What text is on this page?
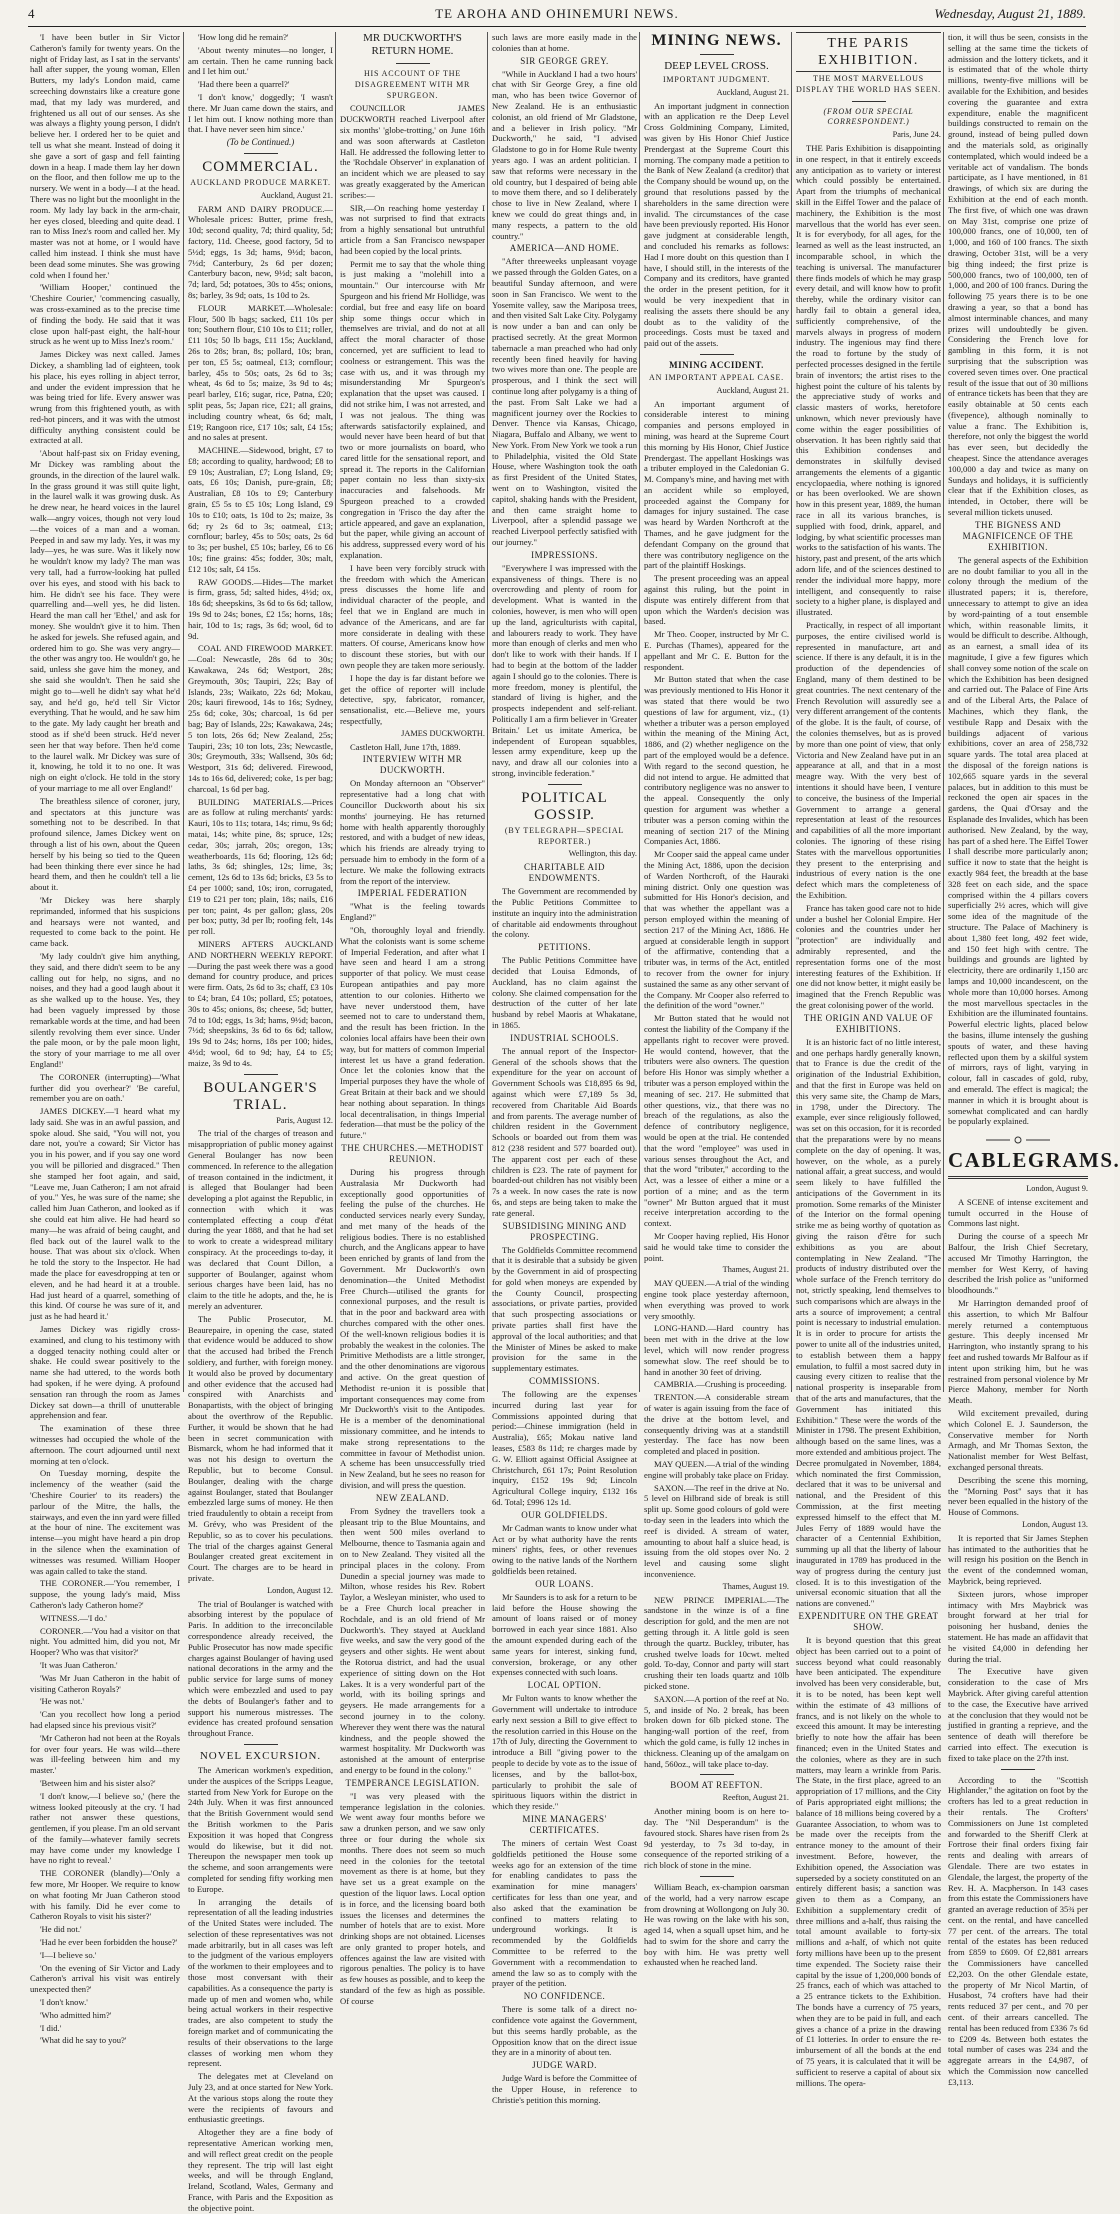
4	TE AROHA AND OHINEMURI NEWS.	Wednesday, August 21, 1889.

'I have been butler in Sir Victor Catheron's family for twenty years. On the night of Friday last, as I sat in the servants' hall after supper, the young woman, Ellen Butters, my lady's London maid, came screeching downstairs like a creature gone mad, that my lady was murdered, and frightened us all out of our senses. As she was always a flighty young person, I didn't believe her. I ordered her to be quiet and tell us what she meant. Instead of doing it she gave a sort of gasp and fell fainting down in a heap. I made them lay her down on the floor, and then follow me up to the nursery. We went in a body—I at the head. There was no light but the moonlight in the room. My lady lay back in the arm-chair, her eyes closed, bleeding and quite dead. I ran to Miss Inez's room and called her. My master was not at home, or I would have called him instead. I think she must have been dead some minutes. She was growing cold when I found her.'

'William Hooper,' continued the 'Cheshire Courier,' 'commencing casually, was cross-examined as to the precise time of finding the body. He said that it was close upon half-past eight, the half-hour struck as he went up to Miss Inez's room.'

James Dickey was next called. James Dickey, a shambling lad of eighteen, took his place, his eyes rolling in abject terror, and under the evident impression that he was being tried for life. Every answer was wrung from this frightened youth, as with red-hot pincers, and it was with the utmost difficulty anything consistent could be extracted at all.

'About half-past six on Friday evening, Mr Dickey was rambling about the grounds, in the direction of the laurel walk. In the grass ground it was still quite light, in the laurel walk it was growing dusk. As he drew near, he heard voices in the laurel walk—angry voices, though not very loud—the voices of a man and a woman. Peeped in and saw my lady. Yes, it was my lady—yes, he was sure. Was it likely now he wouldn't know my lady? The man was very tall, had a furrow-looking hat pulled over his eyes, and stood with his back to him. He didn't see his face. They were quarrelling and—well yes, he did listen. Heard the man call her 'Ethel,' and ask for money. She wouldn't give it to him. Then he asked for jewels. She refused again, and ordered him to go. She was very angry—the other was angry too. He wouldn't go, he said, unless she gave him the money, and she said she wouldn't. Then he said she might go to—well he didn't say what he'd say, and he'd go, he'd tell Sir Victor everything. That he would, and he saw him to the gate. My lady caught her breath and stood as if she'd been struck. He'd never seen her that way before. Then he'd come to the laurel walk. Mr Dickey was sure of it, knowing, he told it to no one. It was nigh on eight o'clock. He told in the story of your marriage to me all over England!'

The breathless silence of coroner, jury, and spectators at this juncture was something not to be described. In that profound silence, James Dickey went on through a list of his own, about the Queen herself by his being so tied to the Queen had been thinking there ever since he had heard them, and then he couldn't tell a lie about it.

'Mr Dickey was here sharply reprimanded, informed that his suspicions and hearsays were not wanted, and requested to come back to the point. He came back.

'My lady couldn't give him anything, they said, and there didn't seem to be any calling out for help, no signs, and no noises, and they had a good laugh about it as she walked up to the house. Yes, they had been vaguely impressed by those remarkable words at the time, and had been silently revolving them ever since. Under the pale moon, or by the pale moon light, the story of your marriage to me all over England!'

The CORONER (interrupting)—'What further did you overhear?' 'Be careful, remember you are on oath.'

JAMES DICKEY.—'I heard what my lady said. She was in an awful passion, and spoke aloud. She said, "You will not, you dare not, you're a coward; Sir Victor has you in his power, and if you say one word you will be pilloried and disgraced." Then she stamped her foot again, and said, "Leave me, Juan Catheron; I am not afraid of you." Yes, he was sure of the name; she called him Juan Catheron, and looked as if she could eat him alive. He had heard so many—he was afraid of being caught, and fled back out of the laurel walk to the house. That was about six o'clock. When he told the story to the Inspector. He had made the place for eavesdropping at ten or eleven, and he had heard it at a trouble. Had just heard of a quarrel, something of this kind. Of course he was sure of it, and just as he had heard it.'

James Dickey was rigidly cross-examined, and clung to his testimony with a dogged tenacity nothing could alter or shake. He could swear positively to the name she had uttered, to the words both had spoken, if he were dying. A profound sensation ran through the room as James Dickey sat down—a thrill of unutterable apprehension and fear.

The examination of these three witnesses had occupied the whole of the afternoon. The court adjourned until next morning at ten o'clock.

On Tuesday morning, despite the inclemency of the weather (said the 'Cheshire Courier' to its readers) the parlour of the Mitre, the halls, the stairways, and even the inn yard were filled at the hour of nine. The excitement was intense—you might have heard a pin drop in the silence when the examination of witnesses was resumed. William Hooper was again called to take the stand.

THE CORONER.—'You remember, I suppose, the young lady's maid, Miss Catheron's lady Catheron home?'

WITNESS.—'I do.'

CORONER.—'You had a visitor on that night. You admitted him, did you not, Mr Hooper? Who was that visitor?'

'It was Juan Catheron.'

'Was Mr Juan Catheron in the habit of visiting Catheron Royals?'

'He was not.'

'Can you recollect how long a period had elapsed since his previous visit?'

'Mr Catheron had not been at the Royals for over four years. He was wild—there was ill-feeling between him and my master.'

'Between him and his sister also?'

'I don't know,—I believe so,' (here the witness looked piteously at the cry. 'I had rather not answer these questions, gentlemen, if you please. I'm an old servant of the family—whatever family secrets may have come under my knowledge I have no right to reveal.'

THE CORONER (blandly)—'Only a few more, Mr Hooper. We require to know on what footing Mr Juan Catheron stood with his family. Did he ever come to Catheron Royals to visit his sister?'

'He did not.'

'Had he ever been forbidden the house?'

'I—I believe so.'

'On the evening of Sir Victor and Lady Catheron's arrival his visit was entirely unexpected then?'

'I don't know.'

'Who admitted him?'

'I did.'

'What did he say to you?'

'How long did he remain?'

'About twenty minutes—no longer, I am certain. Then he came running back and I let him out.'

'Had there been a quarrel?'

'I don't know,' doggedly; 'I wasn't there. Mr Juan came down the stairs, and I let him out. I know nothing more than that. I have never seen him since.'

(To be Continued.)

COMMERCIAL.

AUCKLAND PRODUCE MARKET.

Auckland, August 21.

FARM AND DAIRY PRODUCE.—Wholesale prices: Butter, prime fresh, 10d; second quality, 7d; third quality, 5d; factory, 11d. Cheese, good factory, 5d to 5½d; eggs, 1s 3d; hams, 9½d; bacon, 7½d; Canterbury, 2s 6d per dozen; Canterbury bacon, new, 9½d; salt bacon, 7d; lard, 5d; potatoes, 30s to 45s; onions, 8s; barley, 3s 9d; oats, 1s 10d to 2s.

FLOUR MARKET.—Wholesale: Flour, 500 lb bags; sacked, £11 10s per ton; Southern flour, £10 10s to £11; roller, £11 10s; 50 lb bags, £11 15s; Auckland, 26s to 28s; bran, 8s; pollard, 10s; bran, per ton, £5 5s; oatmeal, £13; cornflour; barley, 45s to 50s; oats, 2s 6d to 3s; wheat, 4s 6d to 5s; maize, 3s 9d to 4s; pearl barley, £16; sugar, rice, Patna, £20; split peas, 5s; Japan rice, £21; all grains, including country wheat, 6s 6d; malt, £19; Rangoon rice, £17 10s; salt, £4 15s; and no sales at present.

MACHINE.—Sidewood, bright, £7 to £8; according to quality, hardwood; £8 to £9 10s; Australian, £7; Long Island, £9; oats, £6 10s; Danish, pure-grain, £8; Australian, £8 10s to £9; Canterbury grain, £5 5s to £5 10s; Long Island, £9 10s to £10; oats, 1s 10d to 2s; maize, 3s 6d; ry 2s 6d to 3s; oatmeal, £13; cornflour; barley, 45s to 50s; oats, 2s 6d to 3s; per bushel, £5 10s; barley, £6 to £6 10s; fine grains: 45s; fodder, 30s; malt, £12 10s; salt, £4 15s.

RAW GOODS.—Hides—The market is firm, grass, 5d; salted hides, 4½d; ox, 18s 6d; sheepskins, 3s 6d to 6s 6d; tallow, 19s 9d to 24s; bones, £2 15s; horns, 18s; hair, 10d to 1s; rags, 3s 6d; wool, 6d to 9d.

COAL AND FIREWOOD MARKET.—Coal: Newcastle, 28s 6d to 30s; Kawakawa, 24s 6d; Westport, 28s; Greymouth, 30s; Taupiri, 22s; Bay of Islands, 23s; Waikato, 22s 6d; Mokau, 20s; kauri firewood, 14s to 16s; Sydney, 25s 6d; coke, 30s; charcoal, 1s 6d per bag; Bay of Islands, 22s; Kawakawa, 24s; 5 ton lots, 26s 6d; New Zealand, 25s; Taupiri, 23s; 10 ton lots, 23s; Newcastle, 30s; Greymouth, 33s; Wallsend, 30s 6d; Westport, 31s 6d; delivered. Firewood, 14s to 16s 6d, delivered; coke, 1s per bag; charcoal, 1s 6d per bag.

BUILDING MATERIALS.—Prices are as follow at ruling merchants' yards: Kauri, 10s to 11s; totara, 14s; rimu, 9s 6d; matai, 14s; white pine, 8s; spruce, 12s; cedar, 30s; jarrah, 20s; oregon, 13s; weatherboards, 11s 6d; flooring, 12s 6d; laths, 3s 6d; shingles, 12s; lime, 3s; cement, 12s 6d to 13s 6d; bricks, £3 5s to £4 per 1000; sand, 10s; iron, corrugated, £19 to £21 per ton; plain, 18s; nails, £16 per ton; paint, 4s per gallon; glass, 20s per box; putty, 3d per lb; roofing felt, 14s per roll.

MINERS AFTERS AUCKLAND AND NORTHERN WEEKLY REPORT.—During the past week there was a good demand for country produce, and prices were firm. Oats, 2s 6d to 3s; chaff, £3 10s to £4; bran, £4 10s; pollard, £5; potatoes, 30s to 45s; onions, 8s; cheese, 5d; butter, 7d to 10d; eggs, 1s 3d; hams, 9½d; bacon, 7½d; sheepskins, 3s 6d to 6s 6d; tallow, 19s 9d to 24s; horns, 18s per 100; hides, 4½d; wool, 6d to 9d; hay, £4 to £5; maize, 3s 9d to 4s.

BOULANGER'S TRIAL.

Paris, August 12.

The trial of the charges of treason and misappropriation of public money against General Boulanger has now been commenced. In reference to the allegation of treason contained in the indictment, it is alleged that Boulanger had been developing a plot against the Republic, in connection with which it was contemplated effecting a coup d'état during the year 1888, and that he had set to work to create a widespread military conspiracy. At the proceedings to-day, it was declared that Count Dillon, a supporter of Boulanger, against whom serious charges have been laid, has no claim to the title he adopts, and the, he is merely an adventurer.

The Public Prosecutor, M. Beaurepaire, in opening the case, stated that evidence would be adduced to show that the accused had bribed the French soldiery, and further, with foreign money. It would also be proved by documentary and other evidence that the accused had conspired with Anarchists and Bonapartists, with the object of bringing about the overthrow of the Republic. Further, it would be shown that he had been in secret communication with Bismarck, whom he had informed that it was not his design to overturn the Republic, but to become Consul. Boulanger, dealing with the charge against Boulanger, stated that Boulanger embezzled large sums of money. He then tried fraudulently to obtain a receipt from M. Grévy, who was President of the Republic, so as to cover his peculations. The trial of the charges against General Boulanger created great excitement in Court. The charges are to be heard in private.

London, August 12.

The trial of Boulanger is watched with absorbing interest by the populace of Paris. In addition to the irreconcilable correspondence already received, the Public Prosecutor has now made specific charges against Boulanger of having used national decorations in the army and the public service for large sums of money which were embezzled and used to pay the debts of Boulanger's father and to support his numerous mistresses. The evidence has created profound sensation throughout France.

NOVEL EXCURSION.

The American workmen's expedition, under the auspices of the Scripps League, started from New York for Europe on the 24th July. When it was first announced that the British Government would send the British workmen to the Paris Exposition it was hoped that Congress would do likewise, but it did not. Thereupon the newspaper men took up the scheme, and soon arrangements were completed for sending fifty working men to Europe.

In arranging the details of representation of all the leading industries of the United States were included. The selection of these representatives was not made arbitrarily, but in all cases was left to the judgment of the various employers of the workmen to their employees and to those most conversant with their capabilities. As a consequence the party is made up of men and women who, while being actual workers in their respective trades, are also competent to study the foreign market and of communicating the results of their observations to the large classes of working men whom they represent.

The delegates met at Cleveland on July 23, and at once started for New York. At the various stops along the route they were the recipients of favours and enthusiastic greetings.

Altogether they are a fine body of representative American working men, and will reflect great credit on the people they represent. The trip will last eight weeks, and will be through England, Ireland, Scotland, Wales, Germany and France, with Paris and the Exposition as the objective point.

MR DUCKWORTH'S RETURN HOME.

HIS ACCOUNT OF THE DISAGREEMENT WITH MR SPURGEON.

COUNCILLOR JAMES DUCKWORTH reached Liverpool after six months' 'globe-trotting,' on June 16th and was soon afterwards at Castleton Hall. He addressed the following letter to the 'Rochdale Observer' in explanation of an incident which we are pleased to say was greatly exaggerated by the American scribes:—

SIR,—On reaching home yesterday I was not surprised to find that extracts from a highly sensational but untruthful article from a San Francisco newspaper had been copied by the local prints.

Permit me to say that the whole thing is just making a "molehill into a mountain." Our intercourse with Mr Spurgeon and his friend Mr Hollidge, was cordial, but free and easy life on board ship some things occur which in themselves are trivial, and do not at all affect the moral character of those concerned, yet are sufficient to lead to coolness or estrangement. This was the case with us, and it was through my misunderstanding Mr Spurgeon's explanation that the upset was caused. I did not strike him, I was not arrested, and I was not jealous. The thing was afterwards satisfactorily explained, and would never have been heard of but that two or more journalists on board, who cared little for the sensational report, and spread it. The reports in the Californian paper contain no less than sixty-six inaccuracies and falsehoods. Mr Spurgeon preached to a crowded congregation in 'Frisco the day after the article appeared, and gave an explanation, but the paper, while giving an account of his address, suppressed every word of his explanation.

I have been very forcibly struck with the freedom with which the American press discusses the home life and individual character of the people, and feel that we in England are much in advance of the Americans, and are far more considerate in dealing with these matters. Of course, Americans know how to discount these stories, but with our own people they are taken more seriously.

I hope the day is far distant before we get the office of reporter will include detective, spy, fabricator, romancer, sensationalist, etc.—Believe me, yours respectfully,

JAMES DUCKWORTH.

Castleton Hall, June 17th, 1889.

INTERVIEW WITH MR DUCKWORTH.

On Monday afternoon an "Observer" representative had a long chat with Councillor Duckworth about his six months' journeying. He has returned home with health apparently thoroughly restored, and with a budget of new ideas, which his friends are already trying to persuade him to embody in the form of a lecture. We make the following extracts from the report of the interview.

IMPERIAL FEDERATION

"What is the feeling towards England?"

"Oh, thoroughly loyal and friendly. What the colonists want is some scheme of Imperial Federation, and after what I have seen and heard I am a strong supporter of that policy. We must cease European antipathies and pay more attention to our colonies. Hitherto we have never understood them, have seemed not to care to understand them, and the result has been friction. In the colonies local affairs have been their own way, but for matters of common Imperial interest let us have a grand federation. Once let the colonies know that the Imperial purposes they have the whole of Great Britain at their back and we should hear nothing about separation. In things local decentralisation, in things Imperial federation—that must be the policy of the future."

THE CHURCHES.—METHODIST REUNION.

During his progress through Australasia Mr Duckworth had exceptionally good opportunities of feeling the pulse of the churches. He conducted services nearly every Sunday, and met many of the heads of the religious bodies. There is no established church, and the Anglicans appear to have been enriched by grants of land from the Government. Mr Duckworth's own denomination—the United Methodist Free Church—utilised the grants for connexional purposes, and the result is that in the poor and backward area with churches compared with the other ones. Of the well-known religious bodies it is probably the weakest in the colonies. The Primitive Methodists are a little stronger, and the other denominations are vigorous and active. On the great question of Methodist re-union it is possible that important consequences may come from Mr Duckworth's visit to the Antipodes. He is a member of the denominational missionary committee, and he intends to make strong representations to the committee in favour of Methodist union. A scheme has been unsuccessfully tried in New Zealand, but he sees no reason for division, and will press the question.

NEW ZEALAND.

From Sydney the travellers took a pleasant trip to the Blue Mountains, and then went 500 miles overland to Melbourne, thence to Tasmania again and on to New Zealand. They visited all the principal places in the colony. From Dunedin a special journey was made to Milton, whose resides his Rev. Robert Taylor, a Wesleyan minister, who used to be a Free Church local preacher in Rochdale, and is an old friend of Mr Duckworth's. They stayed at Auckland five weeks, and saw the very good of the geysers and other sights. He went about the Rotorua district, and had the usual experience of sitting down on the Hot Lakes. It is a very wonderful part of the world, with its boiling springs and geysers. He made arrangements for a second journey in to the colony. Wherever they went there was the natural kindness, and the people showed the warmest hospitality. Mr Duckworth was astonished at the amount of enterprise and energy to be found in the colony."

TEMPERANCE LEGISLATION.

"I was very pleased with the temperance legislation in the colonies. We went away four months before we saw a drunken person, and we saw only three or four during the whole six months. There does not seem so much need in the colonies for the teetotal movement as there is at home, but they have set us a great example on the question of the liquor laws. Local option is in force, and the licensing board both issues the licenses and determines the number of hotels that are to exist. More drinking shops are not obtained. Licenses are only granted to proper hotels, and offences against the law are visited with rigorous penalties. The policy is to have as few houses as possible, and to keep the standard of the few as high as possible. Of course

such laws are more easily made in the colonies than at home.

SIR GEORGE GREY.

"While in Auckland I had a two hours' chat with Sir George Grey, a fine old man, who has been twice Governor of New Zealand. He is an enthusiastic colonist, an old friend of Mr Gladstone, and a believer in Irish policy. "Mr Duckworth," he said, "I advised Gladstone to go in for Home Rule twenty years ago. I was an ardent politician. I saw that reforms were necessary in the old country, but I despaired of being able to move them there, and so I deliberately chose to live in New Zealand, where I knew we could do great things and, in many respects, a pattern to the old country."

AMERICA—AND HOME.

"After threeweeks unpleasant voyage we passed through the Golden Gates, on a beautiful Sunday afternoon, and were soon in San Francisco. We went to the Yosemite valley, saw the Mariposa trees, and then visited Salt Lake City. Polygamy is now under a ban and can only be practised secretly. At the great Mormon tabernacle a man preached who had only recently been fined heavily for having two wives more than one. The people are prosperous, and I think the sect will continue long after polygamy is a thing of the past. From Salt Lake we had a magnificent journey over the Rockies to Denver. Thence via Kansas, Chicago, Niagara, Buffalo and Albany, we went to New York. From New York we took a run to Philadelphia, visited the Old State House, where Washington took the oath as first President of the United States, went on to Washington, visited the capitol, shaking hands with the President, and then came straight home to Liverpool, after a splendid passage we reached Liverpool perfectly satisfied with our journey."

IMPRESSIONS.

"Everywhere I was impressed with the expansiveness of things. There is no overcrowding and plenty of room for development. What is wanted in the colonies, however, is men who will open up the land, agriculturists with capital, and labourers ready to work. They have more than enough of clerks and men who don't like to work with their hands. If I had to begin at the bottom of the ladder again I should go to the colonies. There is more freedom, money is plentiful, the standard of living is higher, and the prospects independent and self-reliant. Politically I am a firm believer in 'Greater Britain.' Let us imitate America, be independent of European squabbles, lessen army expenditure, keep up the navy, and draw all our colonies into a strong, invincible federation."

POLITICAL GOSSIP.

(BY TELEGRAPH—SPECIAL REPORTER.)

Wellington, this day.

CHARITABLE AID ENDOWMENTS.

The Government are recommended by the Public Petitions Committee to institute an inquiry into the administration of charitable aid endowments throughout the colony.

PETITIONS.

The Public Petitions Committee have decided that Louisa Edmonds, of Auckland, has no claim against the colony. She claimed compensation for the destruction of the cutter of her late husband by rebel Maoris at Whakatane, in 1865.

INDUSTRIAL SCHOOLS.

The annual report of the Inspector-General of the schools shows that the expenditure for the year on account of Government Schools was £18,895 6s 9d, against which were £7,189 5s 3d, recovered from Charitable Aid Boards and from parents. The average number of children resident in the Government Schools or boarded out from them was 812 (238 resident and 577 boarded out). The apparent cost per each of these children is £23. The rate of payment for boarded-out children has not visibly been 7s a week. In now cases the rate is now 6s, and steps are being taken to make the rate general.

SUBSIDISING MINING AND PROSPECTING.

The Goldfields Committee recommend that it is desirable that a subsidy be given by the Government in aid of prospecting for gold when moneys are expended by the County Council, prospecting associations, or private parties, provided that such prospecting associations or private parties shall first have the approval of the local authorities; and that the Minister of Mines be asked to make provision for the same in the supplementary estimates.

COMMISSIONS.

The following are the expenses incurred during last year for Commissions appointed during that period:—Chinese immigration (held in Australia), £65; Mokau native land leases, £583 8s 11d; re charges made by G. W. Elliott against Official Assignee at Christchurch, £61 17s; Point Resolution inquiry, £152 19s 9d; Lincoln Agricultural College inquiry, £132 16s 6d. Total; £996 12s 1d.

OUR GOLDFIELDS.

Mr Cadman wants to know under what Act or by what authority have the rents miners' rights, fees, or other revenues owing to the native lands of the Northern goldfields been retained.

OUR LOANS.

Mr Saunders is to ask for a return to be laid before the House showing the amount of loans raised or of money borrowed in each year since 1881. Also the amount expended during each of the same years for interest, sinking fund, conversion, brokerage, or any other expenses connected with such loans.

LOCAL OPTION.

Mr Fulton wants to know whether the Government will undertake to introduce early next session a Bill to give effect to the resolution carried in this House on the 17th of July, directing the Government to introduce a Bill "giving power to the people to decide by vote as to the issue of licenses, and by the ballot-box, particularly to prohibit the sale of spirituous liquors within the district in which they reside."

MINE MANAGERS' CERTIFICATES.

The miners of certain West Coast goldfields petitioned the House some weeks ago for an extension of the time for enabling candidates to pass the examination for mine managers' certificates for less than one year, and also asked that the examination be confined to matters relating to underground workings. It is recommended by the Goldfields Committee to be referred to the Government with a recommendation to amend the law so as to comply with the prayer of the petition.

NO CONFIDENCE.

There is some talk of a direct no-confidence vote against the Government, but this seems hardly probable, as the Opposition know that on the direct issue they are in a minority of about ten.

JUDGE WARD.

Judge Ward is before the Committee of the Upper House, in reference to Christie's petition this morning.

MINING NEWS.

DEEP LEVEL CROSS.

IMPORTANT JUDGMENT.

Auckland, August 21.

An important judgment in connection with an application re the Deep Level Cross Goldmining Company, Limited, was given by His Honor Chief Justice Prendergast at the Supreme Court this morning. The company made a petition to the Bank of New Zealand (a creditor) that the Company should be wound up, on the ground that resolutions passed by the shareholders in the same direction were invalid. The circumstances of the case have been previously reported. His Honor gave judgment at considerable length, and concluded his remarks as follows: Had I more doubt on this question than I have, I should still, in the interests of the Company and its creditors, have granted the order in the present petition, for it would be very inexpedient that in realising the assets there should be any doubt as to the validity of the proceedings. Costs must be taxed and paid out of the assets.

MINING ACCIDENT.

AN IMPORTANT APPEAL CASE.

Auckland, August 21.

An important argument of considerable interest to mining companies and persons employed in mining, was heard at the Supreme Court this morning by His Honor, Chief Justice Prendergast. The appellant Hoskings was a tributer employed in the Caledonian G. M. Company's mine, and having met with an accident while so employed, proceeded against the Company for damages for injury sustained. The case was heard by Warden Northcroft at the Thames, and he gave judgment for the defendant Company on the ground that there was contributory negligence on the part of the plaintiff Hoskings.

The present proceeding was an appeal against this ruling, but the point in dispute was entirely different from that upon which the Warden's decision was based.

Mr Theo. Cooper, instructed by Mr C. E. Purchas (Thames), appeared for the appellant and Mr C. E. Button for the respondent.

Mr Button stated that when the case was previously mentioned to His Honor it was stated that there would be two questions of law for argument, viz., (1) whether a tributer was a person employed within the meaning of the Mining Act, 1886, and (2) whether negligence on the part of the employed would be a defence. With regard to the second question, he did not intend to argue. He admitted that contributory negligence was no answer to the appeal. Consequently the only question for argument was whether a tributer was a person coming within the meaning of section 217 of the Mining Companies Act, 1886.

Mr Cooper said the appeal came under the Mining Act, 1886, upon the decision of Warden Northcroft, of the Hauraki mining district. Only one question was submitted for His Honor's decision, and that was whether the appellant was a person employed within the meaning of section 217 of the Mining Act, 1886. He argued at considerable length in support of the affirmative, contending that a tributer was, in terms of the Act, entitled to recover from the owner for injury sustained the same as any other servant of the Company. Mr Cooper also referred to the definition of the word "owner."

Mr Button stated that he would not contest the liability of the Company if the appellants right to recover were proved. He would contend, however, that the tributers were also owners. The question before His Honor was simply whether a tributer was a person employed within the meaning of sec. 217. He submitted that other questions, viz., that there was no breach of the regulations, as also the defence of contributory negligence, would be open at the trial. He contended that the word "employee" was used in various senses throughout the Act, and that the word "tributer," according to the Act, was a lessee of either a mine or a portion of a mine; and as the term "owner" Mr Button argued that it must receive interpretation according to the context.

Mr Cooper having replied, His Honor said he would take time to consider the point.

Thames, August 21.

MAY QUEEN.—A trial of the winding engine took place yesterday afternoon, when everything was proved to work very smoothly.

LONG-HAND.—Hard country has been met with in the drive at the low level, which will now render progress somewhat slow. The reef should be to hand in another 30 feet of driving.

CAMBRIA.—Crushing is proceeding.

TRENTON.—A considerable stream of water is again issuing from the face of the drive at the bottom level, and consequently driving was at a standstill yesterday. The face has now been completed and placed in position.

MAY QUEEN.—A trial of the winding engine will probably take place on Friday.

SAXON.—The reef in the drive at No. 5 level on Hilbrand side of break is still split up. Some good colours of gold were to-day seen in the leaders into which the reef is divided. A stream of water, amounting to about half a sluice head, is issuing from the old stopes over No. 2 level and causing some slight inconvenience.

Thames, August 19.

NEW PRINCE IMPERIAL.—The sandstone in the winze is of a fine description for gold, and the men are not getting through it. A little gold is seen through the quartz. Buckley, tributer, has crushed twelve loads for 10cwt. melted gold. To-day, Connor and party will start crushing their ten loads quartz and 10lb picked stone.

SAXON.—A portion of the reef at No. 5, and inside of No. 2 break, has been broken down for 6lb picked stone. The hanging-wall portion of the reef, from which the gold came, is fully 12 inches in thickness. Cleaning up of the amalgam on hand, 560oz., will take place to-day.

BOOM AT REEFTON.

Reefton, August 21.

Another mining boom is on here to-day. The "Nil Desperandum" is the favoured stock. Shares have risen from 2s 9d yesterday, to 7s 3d to-day, in consequence of the reported striking of a rich block of stone in the mine.

William Beach, ex-champion oarsman of the world, had a very narrow escape from drowning at Wollongong on July 30. He was rowing on the lake with his son, aged 14, when a squall upset him, and he had to swim for the shore and carry the boy with him. He was pretty well exhausted when he reached land.

THE PARIS EXHIBITION.

THE MOST MARVELLOUS DISPLAY THE WORLD HAS SEEN.

(FROM OUR SPECIAL CORRESPONDENT.)

Paris, June 24.

THE Paris Exhibition is disappointing in one respect, in that it entirely exceeds any anticipation as to variety or interest which could possibly be entertained. Apart from the triumphs of mechanical skill in the Eiffel Tower and the palace of machinery, the Exhibition is the most marvellous that the world has ever seen. It is for everybody, for all ages, for the learned as well as the least instructed, an incomparable school, in which the teaching is universal. The manufacturer there finds models of which he may grasp every detail, and will know how to profit thereby, while the ordinary visitor can hardly fail to obtain a general idea, sufficiently comprehensive, of the marvels always in progress of modern industry. The ingenious may find there the road to fortune by the study of perfected processes designed in the fertile brain of inventors; the artist rises to the highest point the culture of his talents by the appreciative study of works and classic masters of works, heretofore unknown, which never previously have come within the eager possibilities of observation. It has been rightly said that this Exhibition condenses and demonstrates in skilfully devised arrangements the elements of a gigantic encyclopaedia, where nothing is ignored or has been overlooked. We are shown how in this present year, 1889, the human race in all its various branches, is supplied with food, drink, apparel, and lodging, by what scientific processes man works to the satisfaction of his wants. The history, past and present, of the arts which adorn life, and of the sciences destined to render the individual more happy, more intelligent, and consequently to raise society to a higher plane, is displayed and illustrated.

Practically, in respect of all important purposes, the entire civilised world is represented in manufacture, art and science. If there is any default, it is in the production of the dependencies of England, many of them destined to be great countries. The next centenary of the French Revolution will assuredly see a very different arrangement of the contents of the globe. It is the fault, of course, of the colonies themselves, but as is proved by more than one point of view, that only Victoria and New Zealand have put in an appearance at all, and that in a most meagre way. With the very best of intentions it should have been, I venture to conceive, the business of the Imperial Government to arrange a general representation at least of the resources and capabilities of all the more important colonies. The ignoring of these rising States with the marvellous opportunities they present to the enterprising and industrious of every nation is the one defect which mars the completeness of the Exhibition.

France has taken good care not to hide under a bushel her Colonial Empire. Her colonies and the countries under her "protection" are individually and admirably represented, and the representation forms one of the most interesting features of the Exhibition. If one did not know better, it might easily be imagined that the French Republic was the great colonising power of the world.

THE ORIGIN AND VALUE OF EXHIBITIONS.

It is an historic fact of no little interest, and one perhaps hardly generally known, that to France is due the credit of the origination of the Industrial Exhibition, and that the first in Europe was held on this very same site, the Champ de Mars, in 1798, under the Directory. The example, ever since religiously followed, was set on this occasion, for it is recorded that the preparations were by no means complete on the day of opening. It was, however, on the whole, as a purely national affair, a great success, and would seem likely to have fulfilled the anticipations of the Government in its promotion. Some remarks of the Minister of the Interior on the formal opening strike me as being worthy of quotation as giving the raison d'être for such exhibitions as you are about contemplating in New Zealand. "The products of industry distributed over the whole surface of the French territory do not, strictly speaking, lend themselves to such comparisons which are always in the arts a source of improvement; a central point is necessary to industrial emulation. It is in order to procure for artists the power to unite all of the industries united, to establish between them a happy emulation, to fulfil a most sacred duty in causing every citizen to realise that the national prosperity is inseparable from that of the arts and manufactures, that the Government has initiated this Exhibition." These were the words of the Minister in 1798. The present Exhibition, although based on the same lines, was a more extended and ambitious project. The Decree promulgated in November, 1884, which nominated the first Commission, declared that it was to be universal and national, and the President of this Commission, at the first meeting expressed himself to the effect that M. Jules Ferry of 1889 would have the character of a Centennial Exhibition, summing up all that the liberty of labour inaugurated in 1789 has produced in the way of progress during the century just closed. It is to this investigation of the universal economic situation that all the nations are convened."

EXPENDITURE ON THE GREAT SHOW.

It is beyond question that this great object has been carried out to a point of success beyond what could reasonably have been anticipated. The expenditure involved has been very considerable, but, it is to be noted, has been kept well within the estimate of 43 millions of francs, and is not likely on the whole to exceed this amount. It may be interesting briefly to note how the affair has been financed; even in the United States and the colonies, where as they are in such matters, may learn a wrinkle from Paris. The State, in the first place, agreed to an appropriation of 17 millions, and the City of Paris appropriated eight millions; the balance of 18 millions being covered by a Guarantee Association, to whom was to be made over the receipts from the entrance money to the amount of their investment. Before, however, the Exhibition opened, the Association was superseded by a society constituted on an entirely different basis; a sanction was given to them as a Company, an Exhibition a supplementary credit of three millions and a-half, thus raising the total amount available to forty-six millions and a-half, of which not quite forty millions have been up to the present time expended. The Society raise their capital by the issue of 1,200,000 bonds of 25 francs, each of which was attached to a 25 entrance tickets to the Exhibition. The bonds have a currency of 75 years, when they are to be paid in full, and each gives a chance of a prize in the drawing of £1 lotteries. In order to ensure the re-imbursement of all the bonds at the end of 75 years, it is calculated that it will be sufficient to reserve a capital of about six millions. The opera-

tion, it will thus be seen, consists in the selling at the same time the tickets of admission and the lottery tickets, and it is estimated that of the whole thirty millions, twenty-five millions will be available for the Exhibition, and besides covering the guarantee and extra expenditure, enable the magnificent buildings constructed to remain on the ground, instead of being pulled down and the materials sold, as originally contemplated, which would indeed be a veritable act of vandalism. The bonds participate, as I have mentioned, in 81 drawings, of which six are during the Exhibition at the end of each month. The first five, of which one was drawn on May 31st, comprise one prize of 100,000 francs, one of 10,000, ten of 1,000, and 160 of 100 francs. The sixth drawing, October 31st, will be a very big thing indeed; the first prize is 500,000 francs, two of 100,000, ten of 1,000, and 200 of 100 francs. During the following 75 years there is to be one drawing a year, so that a bond has almost interminable chances, and many prizes will undoubtedly be given. Considering the French love for gambling in this form, it is not surprising that the subscription was covered seven times over. One practical result of the issue that out of 30 millions of entrance tickets has been that they are easily obtainable at 50 cents each (fivepence), although nominally to value a franc. The Exhibition is, therefore, not only the biggest the world has ever seen, but decidedly the cheapest. Since the attendance averages 100,000 a day and twice as many on Sundays and holidays, it is sufficiently clear that if the Exhibition closes, as intended, in October, there will be several million tickets unused.

THE BIGNESS AND MAGNIFICENCE OF THE EXHIBITION.

The general aspects of the Exhibition are no doubt familiar to you all in the colony through the medium of the illustrated papers; it is, therefore, unnecessary to attempt to give an idea by word-painting of a tout ensemble which, within reasonable limits, it would be difficult to describe. Although, as an earnest, a small idea of its magnitude, I give a few figures which shall convey some notion of the scale on which the Exhibition has been designed and carried out. The Palace of Fine Arts and of the Liberal Arts, the Palace of Machines, which they flank, the vestibule Rapp and Desaix with the buildings adjacent of various exhibitions, cover an area of 258,732 square yards. The total area placed at the disposal of the foreign nations is 102,665 square yards in the several palaces, but in addition to this must be reckoned the open air spaces in the gardens, the Quai d'Orsay and the Esplanade des Invalides, which has been authorised. New Zealand, by the way, has part of a shed here. The Eiffel Tower I shall describe more particularly anon; suffice it now to state that the height is exactly 984 feet, the breadth at the base 328 feet on each side, and the space comprised within the 4 pillars covers superficially 2½ acres, which will give some idea of the magnitude of the structure. The Palace of Machinery is about 1,380 feet long, 492 feet wide, and 150 feet high with centre. The buildings and grounds are lighted by electricity, there are ordinarily 1,150 arc lamps and 10,000 incandescent, on the whole more than 10,000 horses. Among the most marvellous spectacles in the Exhibition are the illuminated fountains. Powerful electric lights, placed below the basins, illume intensely the gushing spouts of water, and these having reflected upon them by a skilful system of mirrors, rays of light, varying in colour, fall in cascades of gold, ruby, and emerald. The effect is magical; the manner in which it is brought about is somewhat complicated and can hardly be popularly explained.

CABLEGRAMS.

London, August 9.

A SCENE of intense excitement and tumult occurred in the House of Commons last night.

During the course of a speech Mr Balfour, the Irish Chief Secretary, accused Mr Timothy Harrington, the member for West Kerry, of having described the Irish police as "uniformed bloodhounds."

Mr Harrington demanded proof of this assertion, to which Mr Balfour merely returned a contemptuous gesture. This deeply incensed Mr Harrington, who instantly sprang to his feet and rushed towards Mr Balfour as if intent upon striking him, but he was restrained from personal violence by Mr Pierce Mahony, member for North Meath.

Wild excitement prevailed, during which Colonel E. J. Saunderson, the Conservative member for North Armagh, and Mr Thomas Sexton, the Nationalist member for West Belfast, exchanged personal threats.

Describing the scene this morning, the "Morning Post" says that it has never been equalled in the history of the House of Commons.

London, August 13.

It is reported that Sir James Stephen has intimated to the authorities that he will resign his position on the Bench in the event of the condemned woman, Maybrick, being reprieved.

Sixteen jurors, whose improper intimacy with Mrs Maybrick was brought forward at her trial for poisoning her husband, denies the statement. He has made an affidavit that he visited £4,000 in defending her during the trial.

The Executive have given consideration to the case of Mrs Maybrick. After giving careful attention to the case, the Executive have arrived at the conclusion that they would not be justified in granting a reprieve, and the sentence of death will therefore be carried into effect. The execution is fixed to take place on the 27th inst.

According to the "Scottish Highlander," the agitation on foot by the crofters has led to a great reduction in their rentals. The Crofters' Commissioners on June 1st completed and forwarded to the Sheriff Clerk at Fortrose their final orders fixing fair rents and dealing with arrears of Glendale. There are two estates in Glendale, the largest, the property of the Rev. H. A. Macpherson. In 143 cases from this estate the Commissioners have granted an average reduction of 35¾ per cent. on the rental, and have cancelled 77 per cent. of the arrears. The total rental of the estates has been reduced from £859 to £609. Of £2,881 arrears the Commissioners have cancelled £2,203. On the other Glendale estate, the property of Mr Nicol Martin, of Husabost, 74 crofters have had their rents reduced 37 per cent., and 70 per cent. of their arrears cancelled. The rental has been reduced from £336 7s 6d to £209 4s. Between both estates the total number of cases was 234 and the aggregate arrears in the £4,987, of which the Commission now cancelled £3,113.
